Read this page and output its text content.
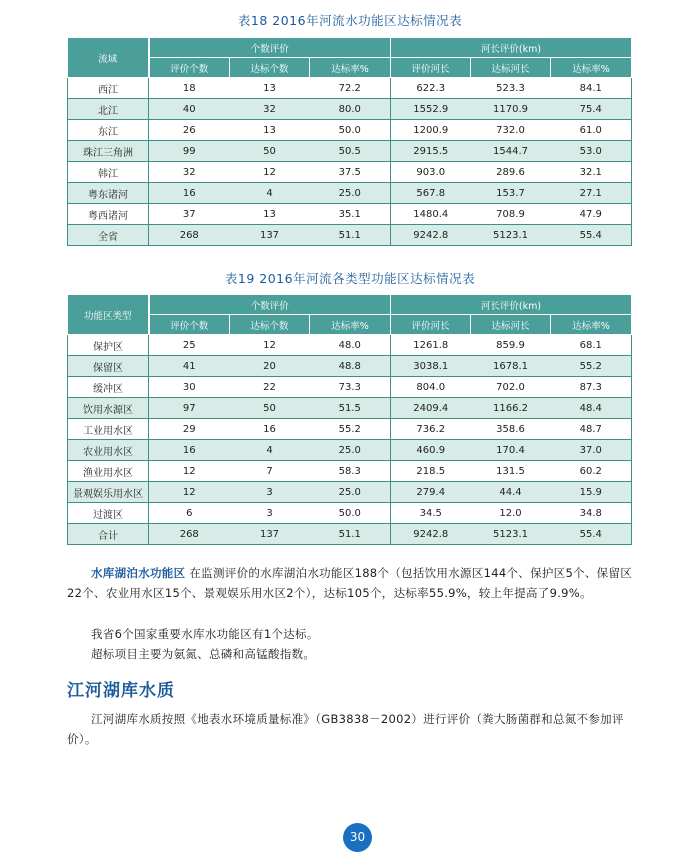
表18 2016年河流水功能区达标情况表
流域	个数评价			河长评价(km)		
	评价个数	达标个数	达标率%	评价河长	达标河长	达标率%
西江	18	13	72.2	622.3	523.3	84.1
北江	40	32	80.0	1552.9	1170.9	75.4
东江	26	13	50.0	1200.9	732.0	61.0
珠江三角洲	99	50	50.5	2915.5	1544.7	53.0
韩江	32	12	37.5	903.0	289.6	32.1
粤东诸河	16	4	25.0	567.8	153.7	27.1
粤西诸河	37	13	35.1	1480.4	708.9	47.9
全省	268	137	51.1	9242.8	5123.1	55.4
表19 2016年河流各类型功能区达标情况表
功能区类型	个数评价			河长评价(km)		
	评价个数	达标个数	达标率%	评价河长	达标河长	达标率%
保护区	25	12	48.0	1261.8	859.9	68.1
保留区	41	20	48.8	3038.1	1678.1	55.2
缓冲区	30	22	73.3	804.0	702.0	87.3
饮用水源区	97	50	51.5	2409.4	1166.2	48.4
工业用水区	29	16	55.2	736.2	358.6	48.7
农业用水区	16	4	25.0	460.9	170.4	37.0
渔业用水区	12	7	58.3	218.5	131.5	60.2
景观娱乐用水区	12	3	25.0	279.4	44.4	15.9
过渡区	6	3	50.0	34.5	12.0	34.8
合计	268	137	51.1	9242.8	5123.1	55.4
水库湖泊水功能区 在监测评价的水库湖泊水功能区188个（包括饮用水源区144个、保护区5个、保留区22个、农业用水区15个、景观娱乐用水区2个），达标105个，达标率55.9%，较上年提高了9.9%。
我省6个国家重要水库水功能区有1个达标。
超标项目主要为氨氮、总磷和高锰酸指数。
江河湖库水质
江河湖库水质按照《地表水环境质量标准》（GB3838－2002）进行评价（粪大肠菌群和总氮不参加评价）。
30
